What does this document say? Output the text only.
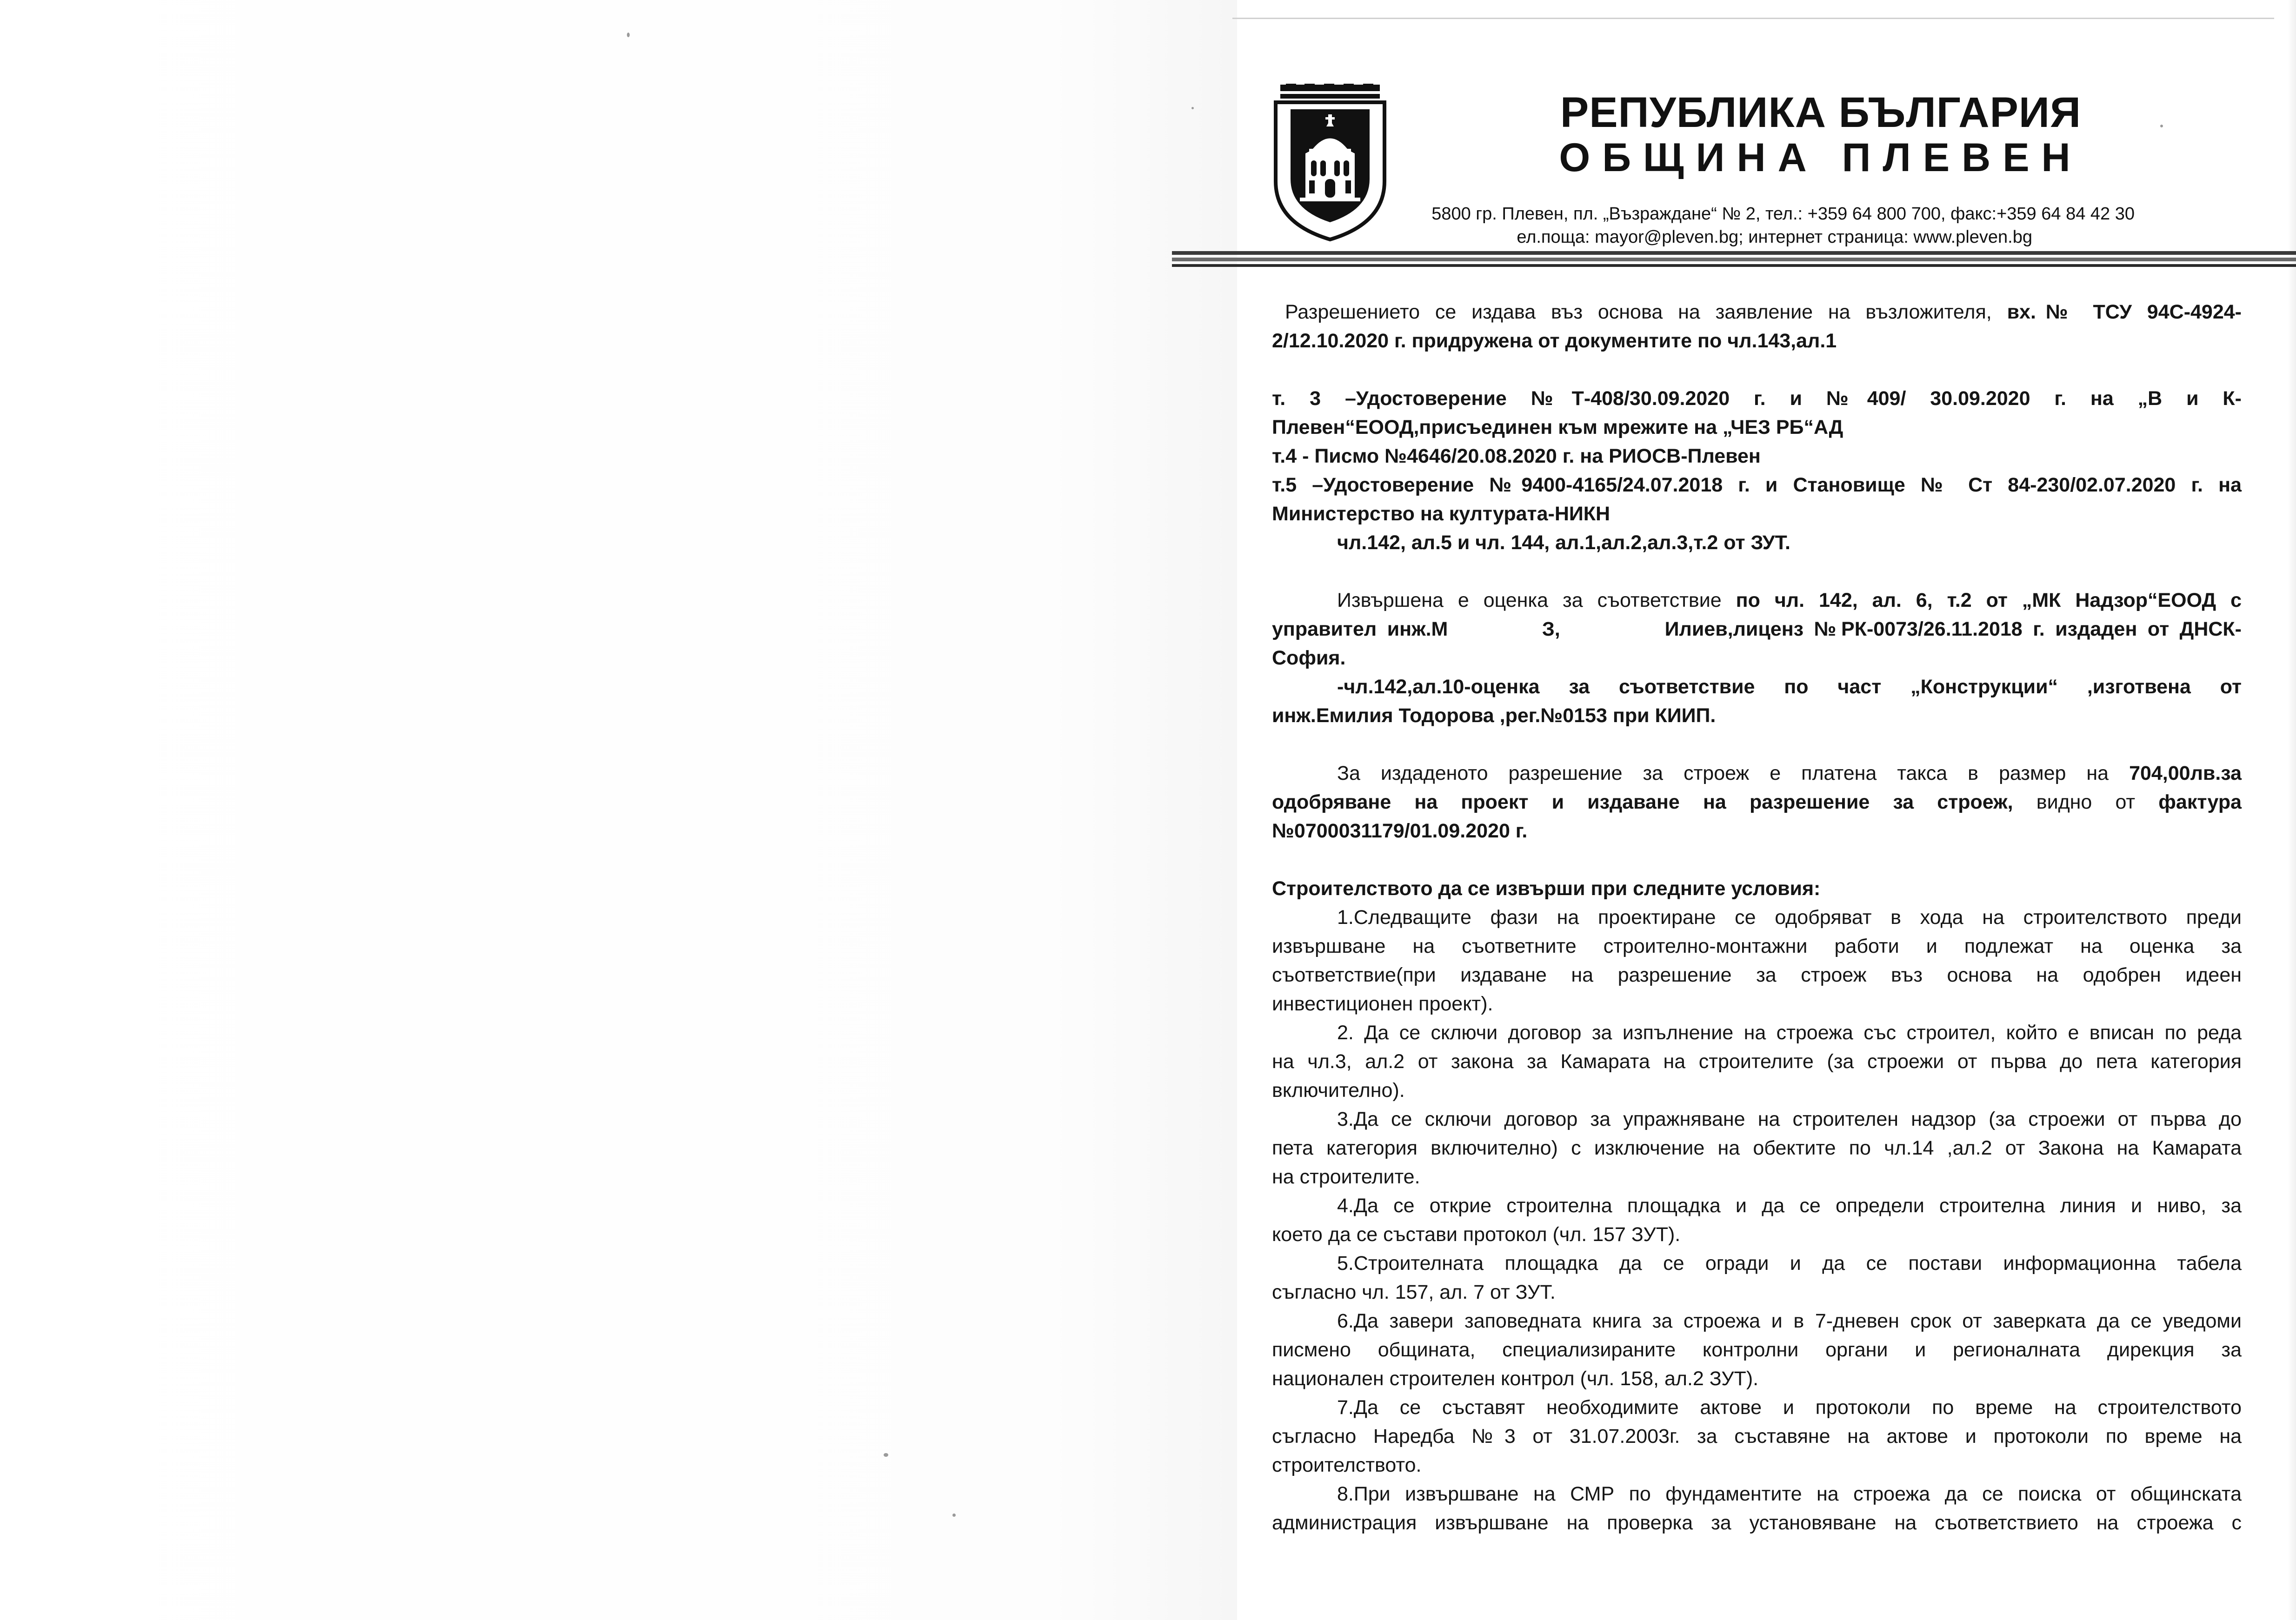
РЕПУБЛИКА БЪЛГАРИЯ
ОБЩИНА ПЛЕВЕН
5800 гр. Плевен, пл. „Възраждане“ № 2, тел.: +359 64 800 700, факс:+359 64 84 42 30
ел.поща: mayor@pleven.bg; интернет страница: www.pleven.bg

Разрешението се издава въз основа на заявление на възложителя, вх.№ ТСУ 94С-4924-

2/12.10.2020 г. придружена от документите по чл.143,ал.1

т. 3 –Удостоверение №Т-408/30.09.2020 г. и №409/ 30.09.2020 г. на „В и К-

Плевен“ЕООД,присъединен към мрежите на „ЧЕЗ РБ“АД

т.4 - Писмо №4646/20.08.2020 г. на РИОСВ-Плевен

т.5 –Удостоверение №9400-4165/24.07.2018 г. и Становище № Ст 84-230/02.07.2020 г. на

Министерство на културата-НИКН

чл.142, ал.5 и чл. 144, ал.1,ал.2,ал.3,т.2 от ЗУТ.

Извършена е оценка за съответствие по чл. 142, ал. 6, т.2 от „МК Надзор“ЕООД с

управител инж.М         З,          Илиев,лиценз №РК-0073/26.11.2018 г. издаден от ДНСК-

София.

-чл.142,ал.10-оценка за съответствие по част „Конструкции“ ,изготвена от

инж.Емилия Тодорова ,рег.№0153 при КИИП.

За издаденото разрешение за строеж е платена такса в размер на 704,00лв.за

одобряване на проект и издаване на разрешение за строеж, видно от фактура

№0700031179/01.09.2020 г.

Строителството да се извърши при следните условия:

1.Следващите фази на проектиране се одобряват в хода на строителството преди
извършване на съответните строително-монтажни работи и подлежат на оценка за
съответствие(при издаване на разрешение за строеж въз основа на одобрен идеен
инвестиционен проект).
2. Да се сключи договор за изпълнение на строежа със строител, който е вписан по реда
на чл.3, ал.2 от закона за Камарата на строителите (за строежи от първа до пета категория
включително).
3.Да се сключи договор за упражняване на строителен надзор (за строежи от първа до
пета категория включително) с изключение на обектите по чл.14 ,ал.2 от Закона на Камарата
на строителите.
4.Да се открие строителна площадка и да се определи строителна линия и ниво, за
което да се състави протокол (чл. 157 ЗУТ).
5.Строителната площадка да се огради и да се постави информационна табела
съгласно чл. 157, ал. 7 от ЗУТ.
6.Да завери заповедната книга за строежа и в 7-дневен срок от заверката да се уведоми
писмено общината, специализираните контролни органи и регионалната дирекция за
национален строителен контрол (чл. 158, ал.2 ЗУТ).
7.Да се съставят необходимите актове и протоколи по време на строителството
съгласно Наредба №3 от 31.07.2003г. за съставяне на актове и протоколи по време на
строителството.
8.При извършване на СМР по фундаментите на строежа да се поиска от общинската
администрация извършване на проверка за установяване на съответствието на строежа с
